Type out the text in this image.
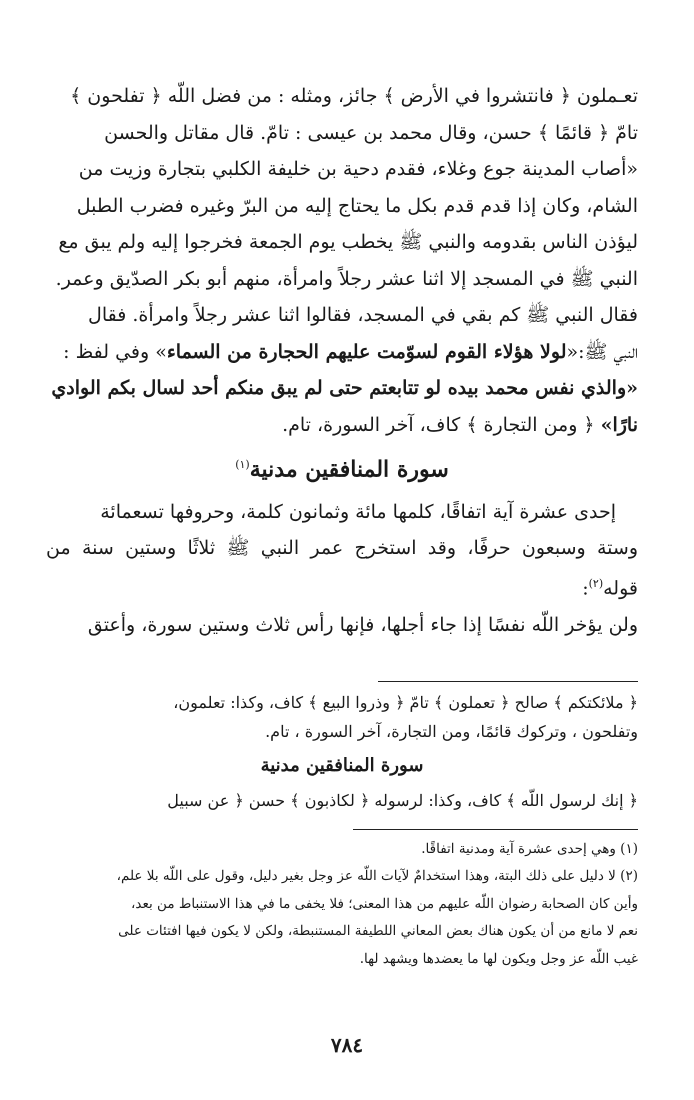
تعـملون ﴿ فانتشروا في الأرض ﴾ جائز، ومثله : من فضل اللّه ﴿ تفلحون ﴾

تامّ ﴿ قائمًا ﴾ حسن، وقال محمد بن عيسى : تامّ. قال مقاتل والحسن

«أصاب المدينة جوع وغلاء، فقدم دحية بن خليفة الكلبي بتجارة وزيت من

الشام، وكان إذا قدم قدم بكل ما يحتاج إليه من البرّ وغيره فضرب الطبل

ليؤذن الناس بقدومه والنبي ﷺ يخطب يوم الجمعة فخرجوا إليه ولم يبق مع

النبي ﷺ في المسجد إلا اثنا عشر رجلاً وامرأة، منهم أبو بكر الصدّيق وعمر.

فقال النبي ﷺ كم بقي في المسجد، فقالوا اثنا عشر رجلاً وامرأة. فقال

النبي ﷺ:«لولا هؤلاء القوم لسوّمت عليهم الحجارة من السماء» وفي لفظ :

«والذي نفس محمد بيده لو تتابعتم حتى لم يبق منكم أحد لسال بكم الوادي

نارًا» ﴿ ومن التجارة ﴾ كاف، آخر السورة، تام.

سورة المنافقين مدنية$^{(١)}$

إحدى عشرة آية اتفاقًا، كلمها مائة وثمانون كلمة، وحروفها تسعمائة

وستة وسبعون حرفًا، وقد استخرج عمر النبي ﷺ ثلاثًا وستين سنة من قوله$^{(٢)}$:

ولن يؤخر اللّه نفسًا إذا جاء أجلها، فإنها رأس ثلاث وستين سورة، وأعتق

﴿ ملائكتكم ﴾ صالح ﴿ تعملون ﴾ تامّ ﴿ وذروا البيع ﴾ كاف، وكذا: تعلمون،

وتفلحون ، وتركوك قائمًا، ومن التجارة، آخر السورة ، تام.

سورة المنافقين مدنية

﴿ إنك لرسول اللّه ﴾ كاف، وكذا: لرسوله ﴿ لكاذبون ﴾ حسن ﴿ عن سبيل

(١) وهي إحدى عشرة آية ومدنية اتفاقًا.

(٢) لا دليل على ذلك البتة، وهذا استخدامٌ لآيات اللّه عز وجل بغير دليل، وقول على اللّه بلا علم،

وأين كان الصحابة رضوان اللّه عليهم من هذا المعنى؛ فلا يخفى ما في هذا الاستنباط من بعد،

نعم لا مانع من أن يكون هناك بعض المعاني اللطيفة المستنبطة، ولكن لا يكون فيها افتئات على

غيب اللّه عز وجل ويكون لها ما يعضدها ويشهد لها.

٧٨٤
